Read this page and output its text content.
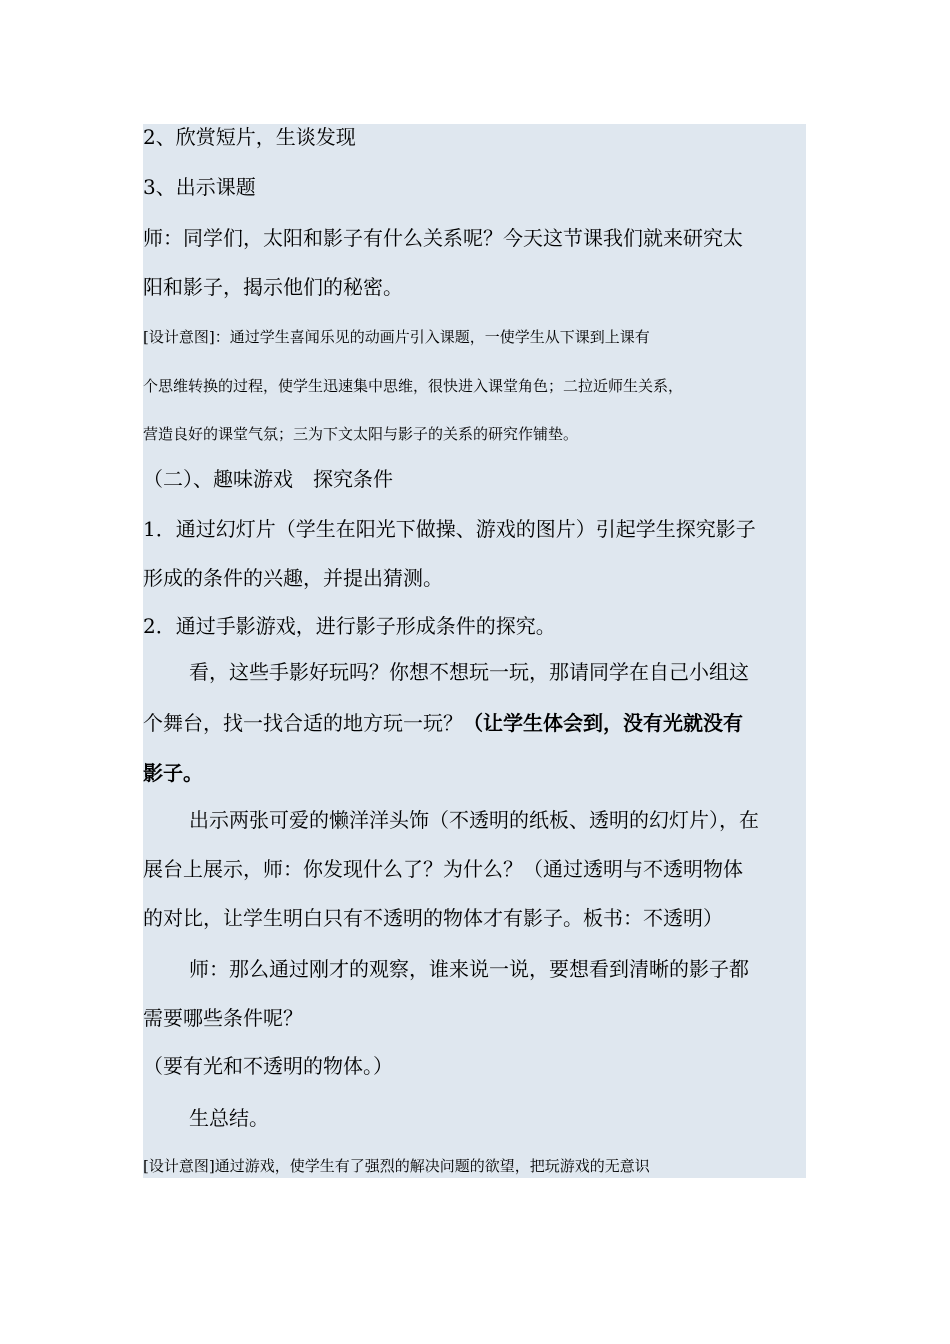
2、欣赏短片，生谈发现
3、出示课题
师：同学们，太阳和影子有什么关系呢？今天这节课我们就来研究太
阳和影子，揭示他们的秘密。
[设计意图]：通过学生喜闻乐见的动画片引入课题，一使学生从下课到上课有
个思维转换的过程，使学生迅速集中思维，很快进入课堂角色；二拉近师生关系，
营造良好的课堂气氛；三为下文太阳与影子的关系的研究作铺垫。
（二）、趣味游戏　探究条件
1．通过幻灯片（学生在阳光下做操、游戏的图片）引起学生探究影子
形成的条件的兴趣，并提出猜测。
2．通过手影游戏，进行影子形成条件的探究。
看，这些手影好玩吗？你想不想玩一玩，那请同学在自己小组这
个舞台，找一找合适的地方玩一玩？（让学生体会到，没有光就没有
影子。
出示两张可爱的懒洋洋头饰（不透明的纸板、透明的幻灯片），在
展台上展示，师：你发现什么了？为什么？（通过透明与不透明物体
的对比，让学生明白只有不透明的物体才有影子。板书：不透明）
师：那么通过刚才的观察，谁来说一说，要想看到清晰的影子都
需要哪些条件呢？
（要有光和不透明的物体。）
生总结。
[设计意图]通过游戏，使学生有了强烈的解决问题的欲望，把玩游戏的无意识
